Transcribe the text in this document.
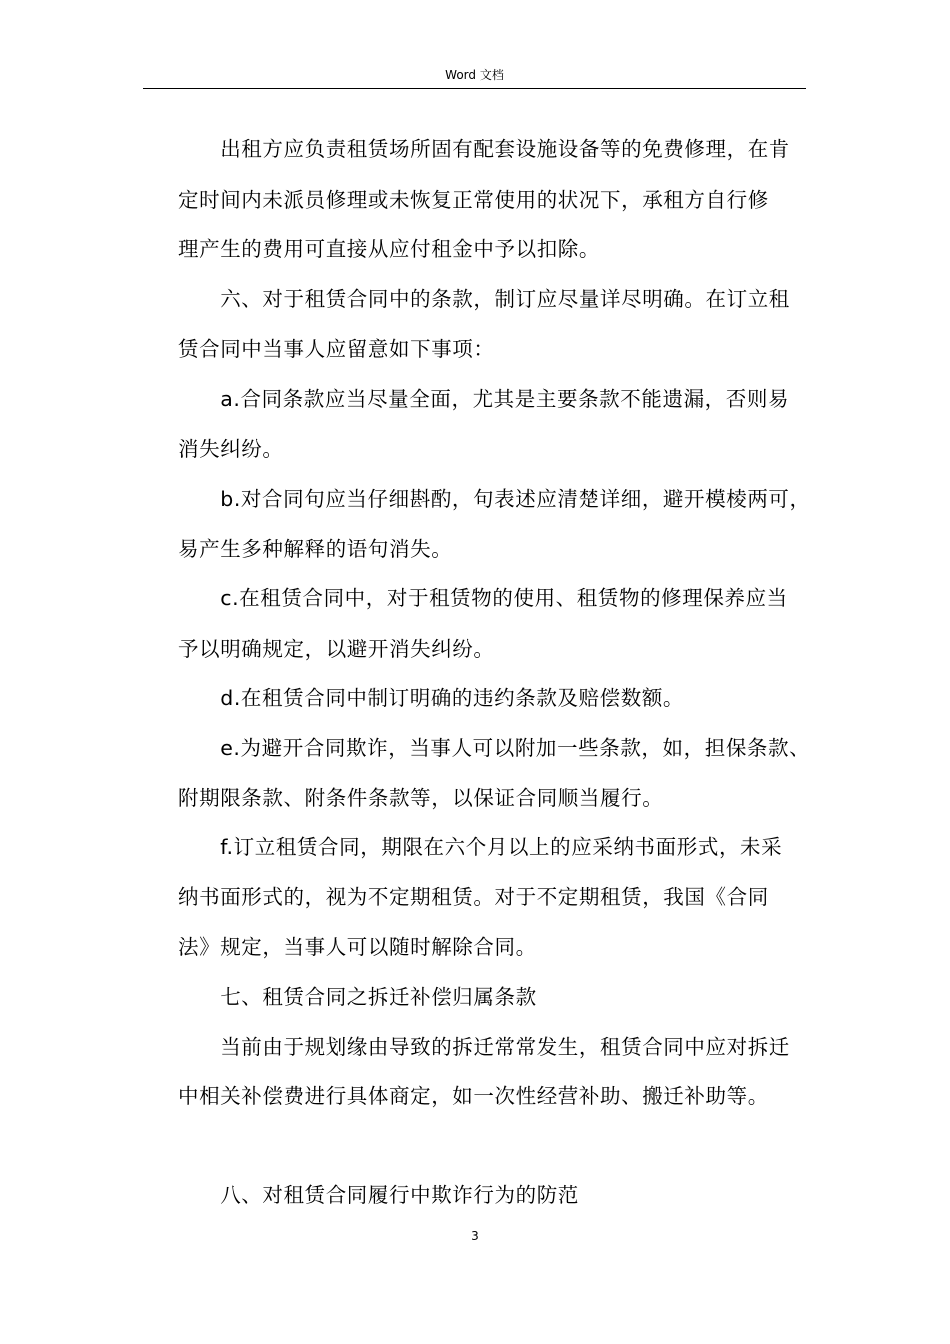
Word 文档
　　出租方应负责租赁场所固有配套设施设备等的免费修理，在肯
定时间内未派员修理或未恢复正常使用的状况下，承租方自行修
理产生的费用可直接从应付租金中予以扣除。
　　六、对于租赁合同中的条款，制订应尽量详尽明确。在订立租
赁合同中当事人应留意如下事项：
　　a.合同条款应当尽量全面，尤其是主要条款不能遗漏，否则易
消失纠纷。
　　b.对合同句应当仔细斟酌，句表述应清楚详细，避开模棱两可，
易产生多种解释的语句消失。
　　c.在租赁合同中，对于租赁物的使用、租赁物的修理保养应当
予以明确规定，以避开消失纠纷。
　　d.在租赁合同中制订明确的违约条款及赔偿数额。
　　e.为避开合同欺诈，当事人可以附加一些条款，如，担保条款、
附期限条款、附条件条款等，以保证合同顺当履行。
　　f.订立租赁合同，期限在六个月以上的应采纳书面形式，未采
纳书面形式的，视为不定期租赁。对于不定期租赁，我国《合同
法》规定，当事人可以随时解除合同。
　　七、租赁合同之拆迁补偿归属条款
　　当前由于规划缘由导致的拆迁常常发生，租赁合同中应对拆迁
中相关补偿费进行具体商定，如一次性经营补助、搬迁补助等。
　　八、对租赁合同履行中欺诈行为的防范
3
